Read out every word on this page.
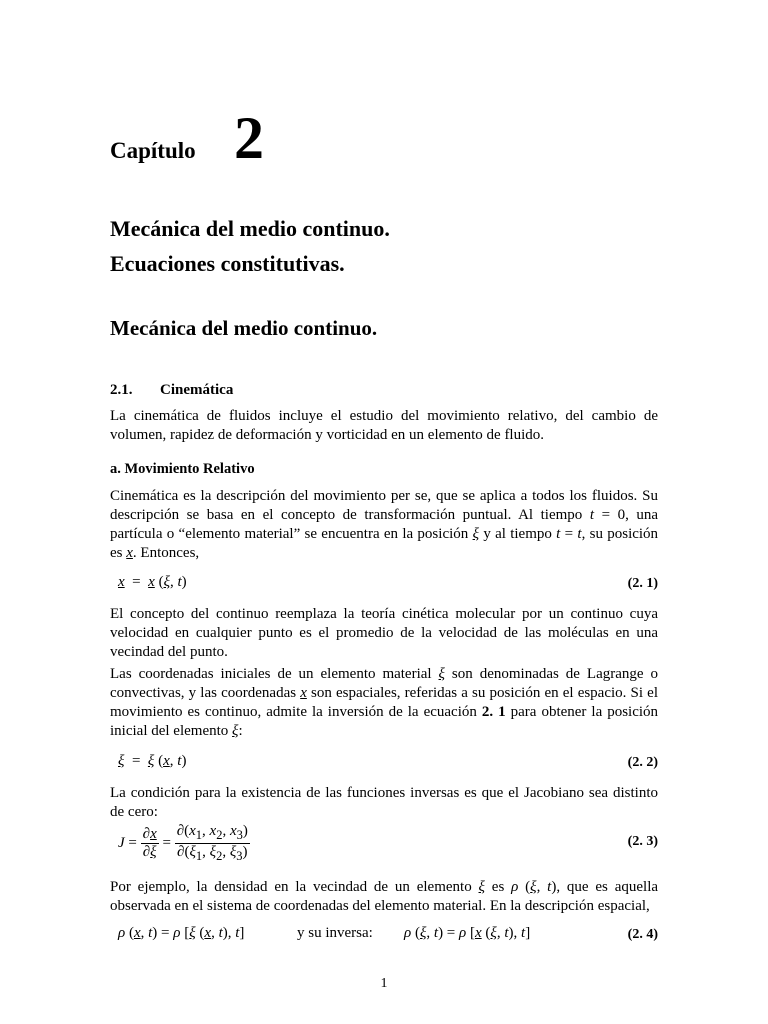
Capítulo 2
Mecánica del medio continuo.
Ecuaciones constitutivas.
Mecánica del medio continuo.
2.1. Cinemática
La cinemática de fluidos incluye el estudio del movimiento relativo, del cambio de volumen, rapidez de deformación y vorticidad en un elemento de fluido.
a. Movimiento Relativo
Cinemática es la descripción del movimiento per se, que se aplica a todos los fluidos. Su descripción se basa en el concepto de transformación puntual. Al tiempo t = 0, una partícula o “elemento material” se encuentra en la posición ξ y al tiempo t = t, su posición es x. Entonces,
x  =  x (ξ, t)	(2. 1)
El concepto del continuo reemplaza la teoría cinética molecular por un continuo cuya velocidad en cualquier punto es el promedio de la velocidad de las moléculas en una vecindad del punto.
Las coordenadas iniciales de un elemento material ξ son denominadas de Lagrange o convectivas, y las coordenadas x son espaciales, referidas a su posición en el espacio. Si el movimiento es continuo, admite la inversión de la ecuación 2. 1 para obtener la posición inicial del elemento ξ:
ξ  =  ξ (x, t)	(2. 2)
La condición para la existencia de las funciones inversas es que el Jacobiano sea distinto de cero:
$J = \frac{\partial x}{\partial\xi} = \frac{\partial(x_1, x_2, x_3)}{\partial(\xi_1, \xi_2, \xi_3)}$	(2. 3)
Por ejemplo, la densidad en la vecindad de un elemento ξ es ρ (ξ, t), que es aquella observada en el sistema de coordenadas del elemento material. En la descripción espacial,
ρ (x, t) = ρ [ξ (x, t), t]	y su inversa: ρ (ξ, t) = ρ [x (ξ, t), t]	(2. 4)
1
